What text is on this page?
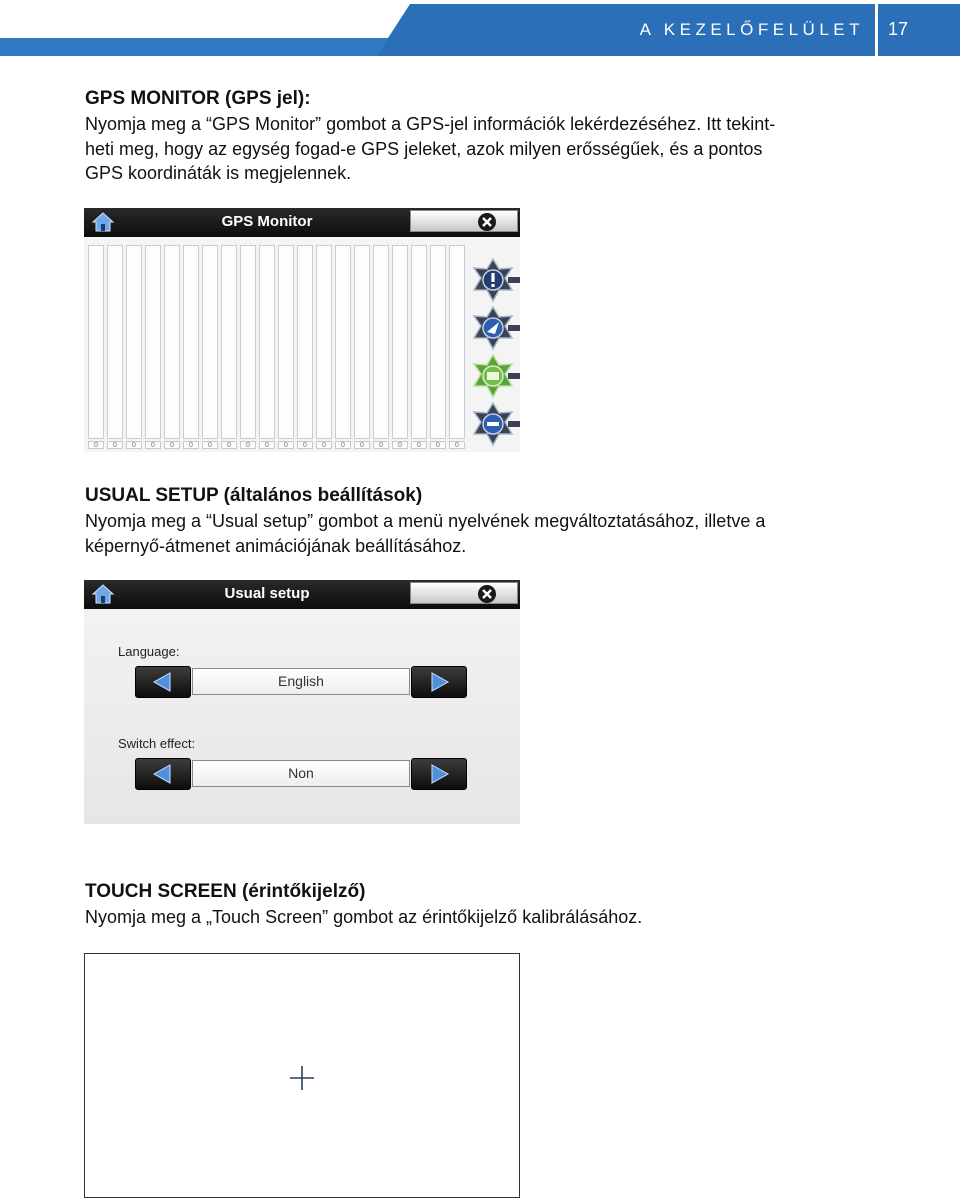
A KEZELŐFELÜLET 17
GPS MONITOR (GPS jel):
Nyomja meg a “GPS Monitor” gombot a GPS-jel információk lekérdezéséhez. Itt tekint-
heti meg, hogy az egység fogad-e GPS jeleket, azok milyen erősségűek, és a pontos
GPS koordináták is megjelennek.
GPS Monitor
0	0	0	0	0	0	0	0	0	0	0	0	0	0	0	0	0	0	0	0
USUAL SETUP (általános beállítások)
Nyomja meg a “Usual setup” gombot a menü nyelvének megváltoztatásához, illetve a
képernyő-átmenet animációjának beállításához.
Usual setup
Language:
English
Switch effect:
Non
TOUCH SCREEN (érintőkijelző)
Nyomja meg a „Touch Screen” gombot az érintőkijelző kalibrálásához.
